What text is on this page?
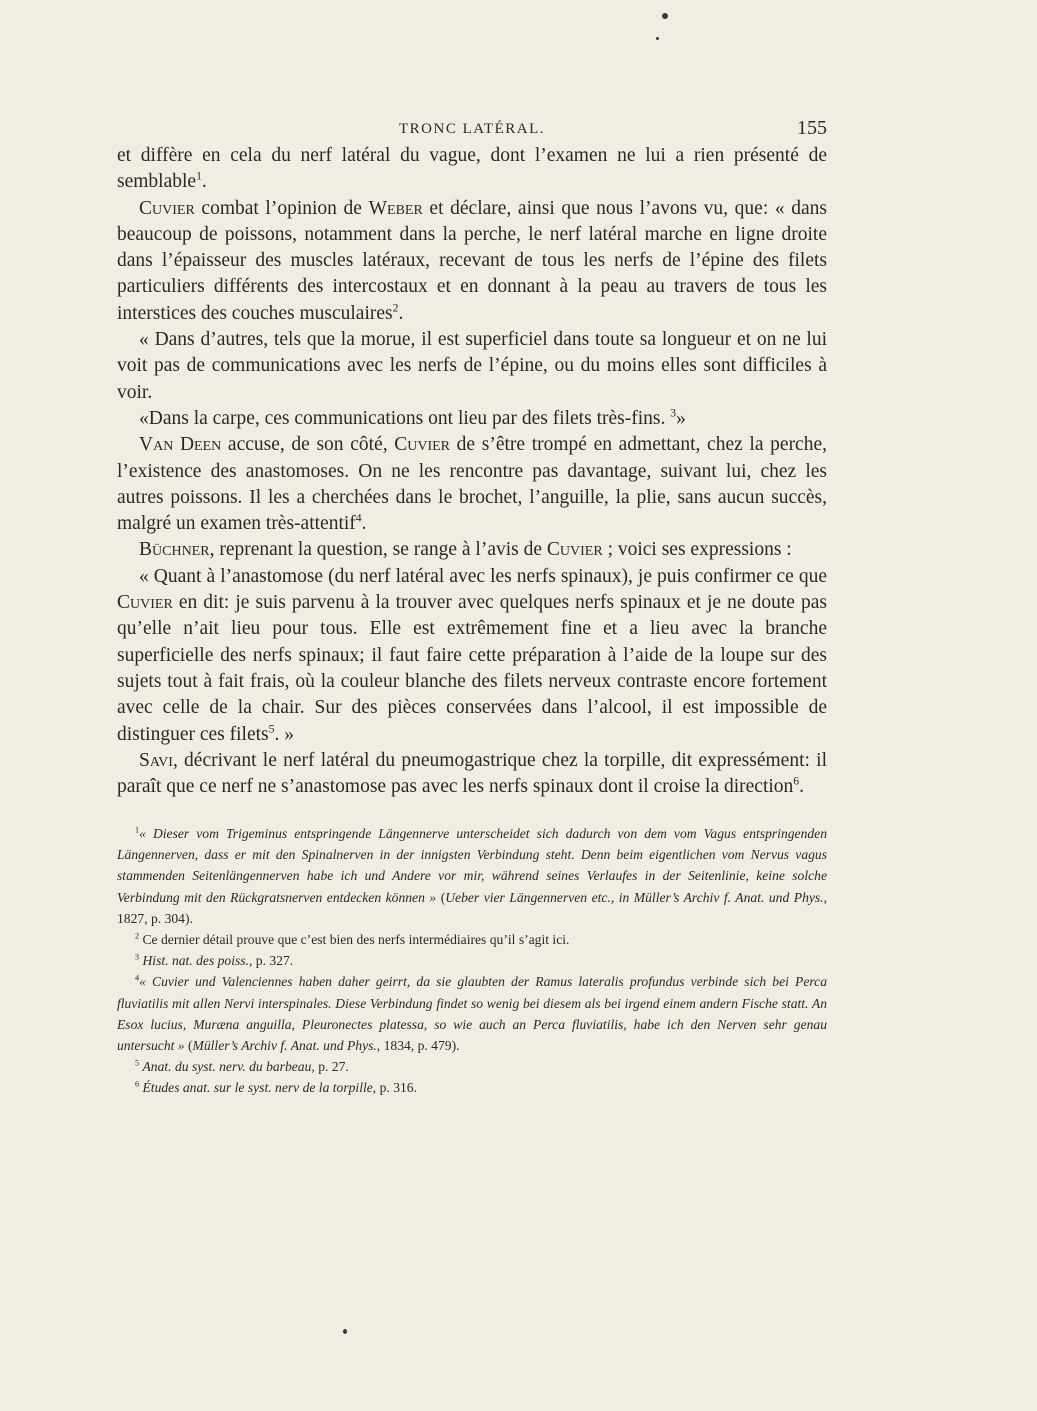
TRONC LATÉRAL.	155

et diffère en cela du nerf latéral du vague, dont l’examen ne lui a rien présenté de semblable$^1$.

Cuvier combat l’opinion de Weber et déclare, ainsi que nous l’avons vu, que: « dans beaucoup de poissons, notamment dans la perche, le nerf latéral marche en ligne droite dans l’épaisseur des muscles latéraux, recevant de tous les nerfs de l’épine des filets particuliers différents des intercostaux et en donnant à la peau au travers de tous les interstices des couches musculaires$^2$.

« Dans d’autres, tels que la morue, il est superficiel dans toute sa longueur et on ne lui voit pas de communications avec les nerfs de l’épine, ou du moins elles sont difficiles à voir.

«Dans la carpe, ces communications ont lieu par des filets très-fins. $^3$»

Van Deen accuse, de son côté, Cuvier de s’être trompé en admettant, chez la perche, l’existence des anastomoses. On ne les rencontre pas davantage, suivant lui, chez les autres poissons. Il les a cherchées dans le brochet, l’anguille, la plie, sans aucun succès, malgré un examen très-attentif$^4$.

Büchner, reprenant la question, se range à l’avis de Cuvier ; voici ses expressions :

« Quant à l’anastomose (du nerf latéral avec les nerfs spinaux), je puis confirmer ce que Cuvier en dit: je suis parvenu à la trouver avec quelques nerfs spinaux et je ne doute pas qu’elle n’ait lieu pour tous. Elle est extrêmement fine et a lieu avec la branche superficielle des nerfs spinaux; il faut faire cette préparation à l’aide de la loupe sur des sujets tout à fait frais, où la couleur blanche des filets nerveux contraste encore fortement avec celle de la chair. Sur des pièces conservées dans l’alcool, il est impossible de distinguer ces filets$^5$. »

Savi, décrivant le nerf latéral du pneumogastrique chez la torpille, dit expressément: il paraît que ce nerf ne s’anastomose pas avec les nerfs spinaux dont il croise la direction$^6$.

$^1$« Dieser vom Trigeminus entspringende Längennerve unterscheidet sich dadurch von dem vom Vagus entspringenden Längennerven, dass er mit den Spinalnerven in der innigsten Verbindung steht. Denn beim eigentlichen vom Nervus vagus stammenden Seitenlängennerven habe ich und Andere vor mir, während seines Verlaufes in der Seitenlinie, keine solche Verbindung mit den Rückgratsnerven entdecken können » (Ueber vier Längennerven etc., in Müller’s Archiv f. Anat. und Phys., 1827, p. 304).

$^2$ Ce dernier détail prouve que c’est bien des nerfs intermédiaires qu’il s’agit ici.

$^3$ Hist. nat. des poiss., p. 327.

$^4$« Cuvier und Valenciennes haben daher geirrt, da sie glaubten der Ramus lateralis profundus verbinde sich bei Perca fluviatilis mit allen Nervi interspinales. Diese Verbindung findet so wenig bei diesem als bei irgend einem andern Fische statt. An Esox lucius, Muræna anguilla, Pleuronectes platessa, so wie auch an Perca fluviatilis, habe ich den Nerven sehr genau untersucht » (Müller’s Archiv f. Anat. und Phys., 1834, p. 479).

$^5$ Anat. du syst. nerv. du barbeau, p. 27.

$^6$ Études anat. sur le syst. nerv de la torpille, p. 316.
